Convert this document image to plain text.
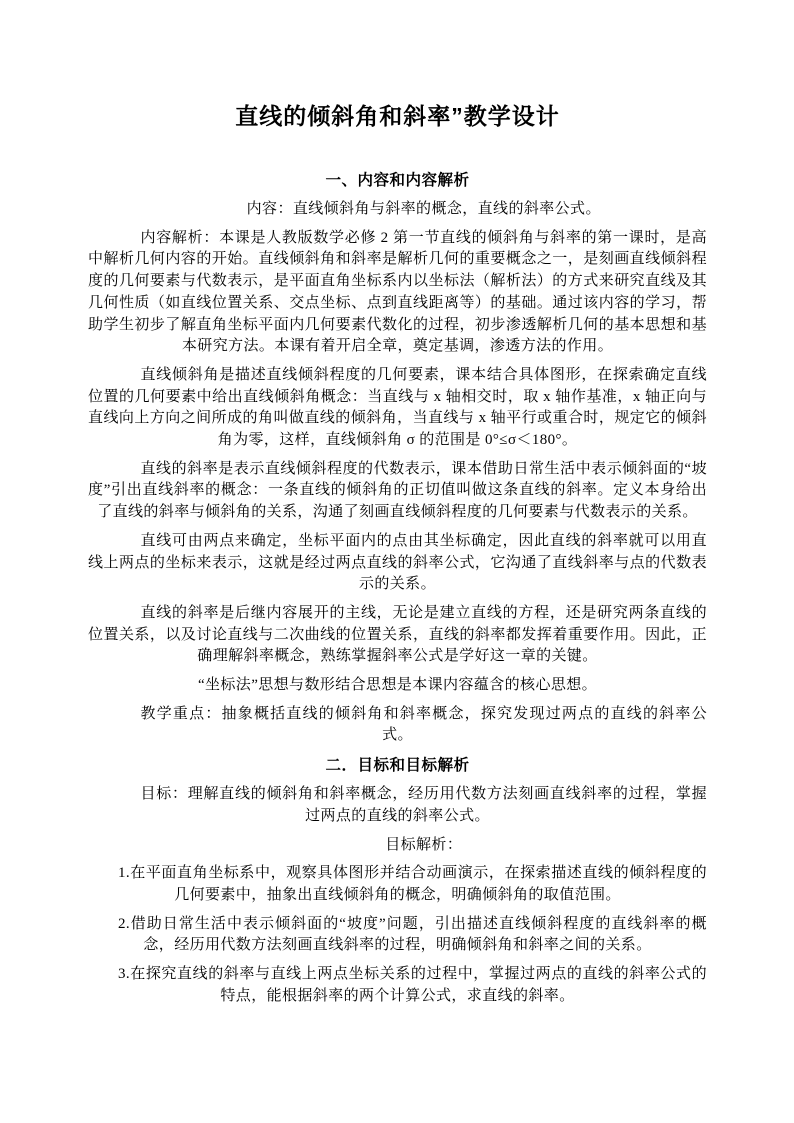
直线的倾斜角和斜率”教学设计
一、内容和内容解析

内容：直线倾斜角与斜率的概念，直线的斜率公式。

内容解析：本课是人教版数学必修 2 第一节直线的倾斜角与斜率的第一课时，是高中解析几何内容的开始。直线倾斜角和斜率是解析几何的重要概念之一，是刻画直线倾斜程度的几何要素与代数表示，是平面直角坐标系内以坐标法（解析法）的方式来研究直线及其几何性质（如直线位置关系、交点坐标、点到直线距离等）的基础。通过该内容的学习，帮助学生初步了解直角坐标平面内几何要素代数化的过程，初步渗透解析几何的基本思想和基本研究方法。本课有着开启全章，奠定基调，渗透方法的作用。

直线倾斜角是描述直线倾斜程度的几何要素，课本结合具体图形，在探索确定直线位置的几何要素中给出直线倾斜角概念：当直线与 x 轴相交时，取 x 轴作基准，x 轴正向与直线向上方向之间所成的角叫做直线的倾斜角，当直线与 x 轴平行或重合时，规定它的倾斜角为零，这样，直线倾斜角 σ 的范围是 0°≤σ＜180°。

直线的斜率是表示直线倾斜程度的代数表示，课本借助日常生活中表示倾斜面的“坡度”引出直线斜率的概念：一条直线的倾斜角的正切值叫做这条直线的斜率。定义本身给出了直线的斜率与倾斜角的关系，沟通了刻画直线倾斜程度的几何要素与代数表示的关系。

直线可由两点来确定，坐标平面内的点由其坐标确定，因此直线的斜率就可以用直线上两点的坐标来表示，这就是经过两点直线的斜率公式，它沟通了直线斜率与点的代数表示的关系。

直线的斜率是后继内容展开的主线，无论是建立直线的方程，还是研究两条直线的位置关系，以及讨论直线与二次曲线的位置关系，直线的斜率都发挥着重要作用。因此，正确理解斜率概念，熟练掌握斜率公式是学好这一章的关键。

“坐标法”思想与数形结合思想是本课内容蕴含的核心思想。

教学重点：抽象概括直线的倾斜角和斜率概念，探究发现过两点的直线的斜率公式。

二．目标和目标解析

目标：理解直线的倾斜角和斜率概念，经历用代数方法刻画直线斜率的过程，掌握过两点的直线的斜率公式。

目标解析：

1.在平面直角坐标系中，观察具体图形并结合动画演示，在探索描述直线的倾斜程度的几何要素中，抽象出直线倾斜角的概念，明确倾斜角的取值范围。

2.借助日常生活中表示倾斜面的“坡度”问题，引出描述直线倾斜程度的直线斜率的概念，经历用代数方法刻画直线斜率的过程，明确倾斜角和斜率之间的关系。

3.在探究直线的斜率与直线上两点坐标关系的过程中，掌握过两点的直线的斜率公式的特点，能根据斜率的两个计算公式，求直线的斜率。
